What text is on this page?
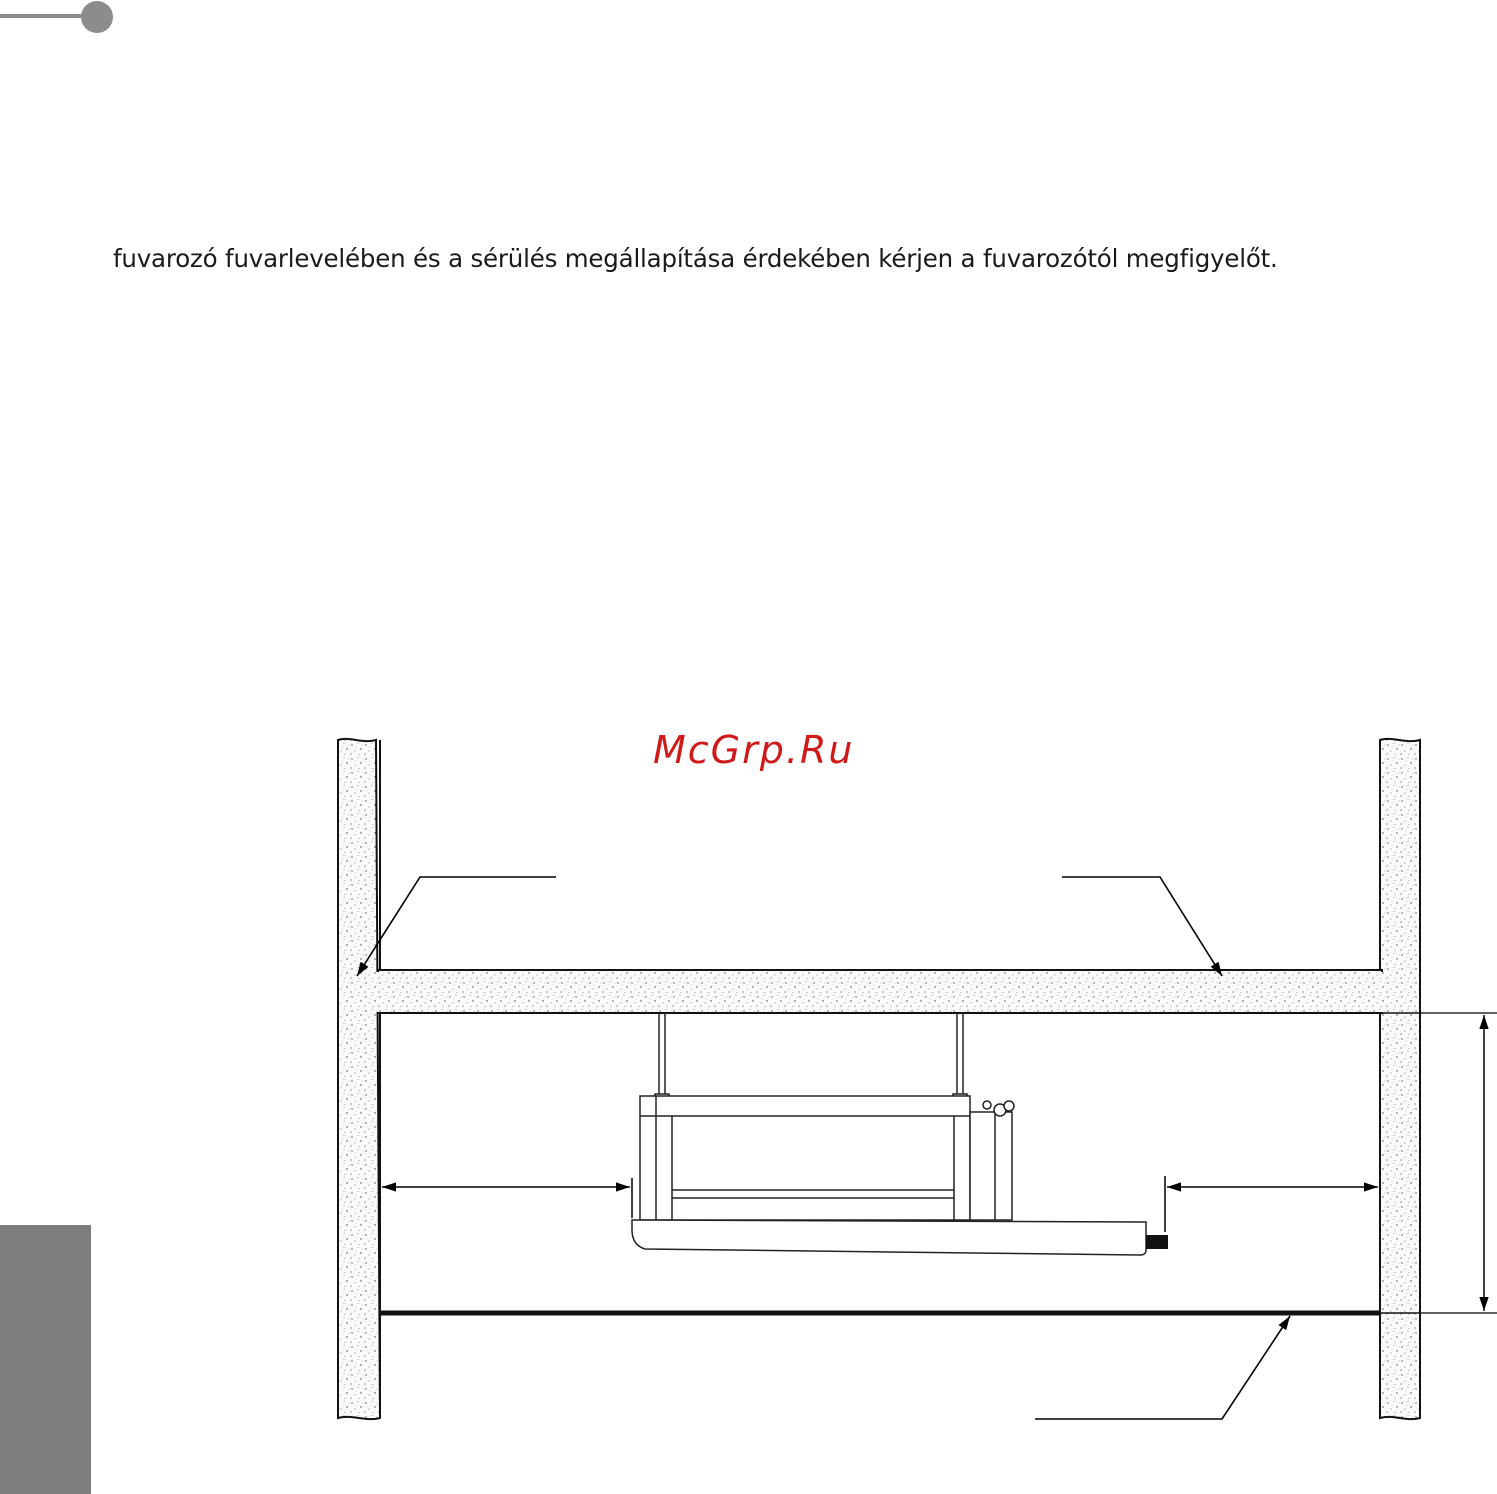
fuvarozó fuvarlevelében és a sérülés megállapítása érdekében kérjen a fuvarozótól megfigyelőt.
McGrp.Ru
